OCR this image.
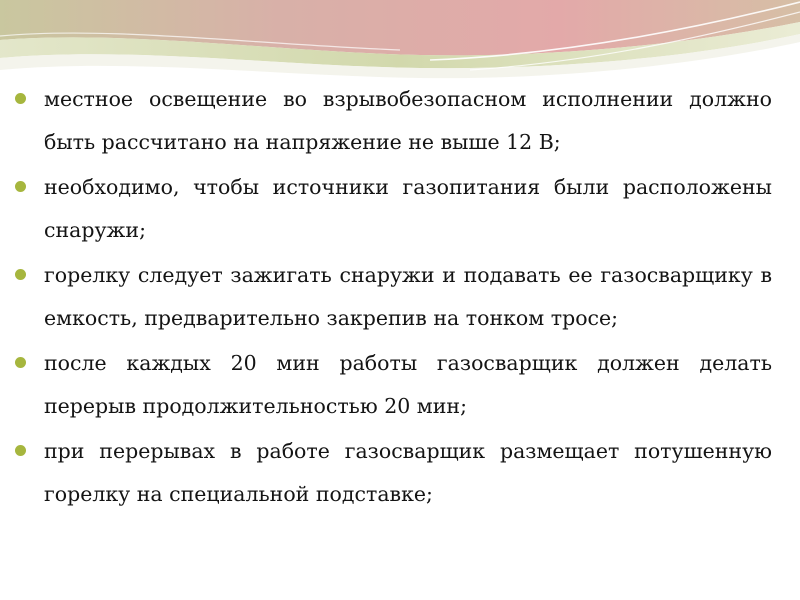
местное освещение во взрывобезопасном исполнении должно быть рассчитано на напряжение не выше 12 В;
необходимо, чтобы источники газопитания были расположены снаружи;
горелку следует зажигать снаружи и подавать ее газосварщику в емкость, предварительно закрепив на тонком тросе;
после каждых 20 мин работы газосварщик должен делать перерыв продолжительностью 20 мин;
при перерывах в работе газосварщик размещает потушенную горелку на специальной подставке;
